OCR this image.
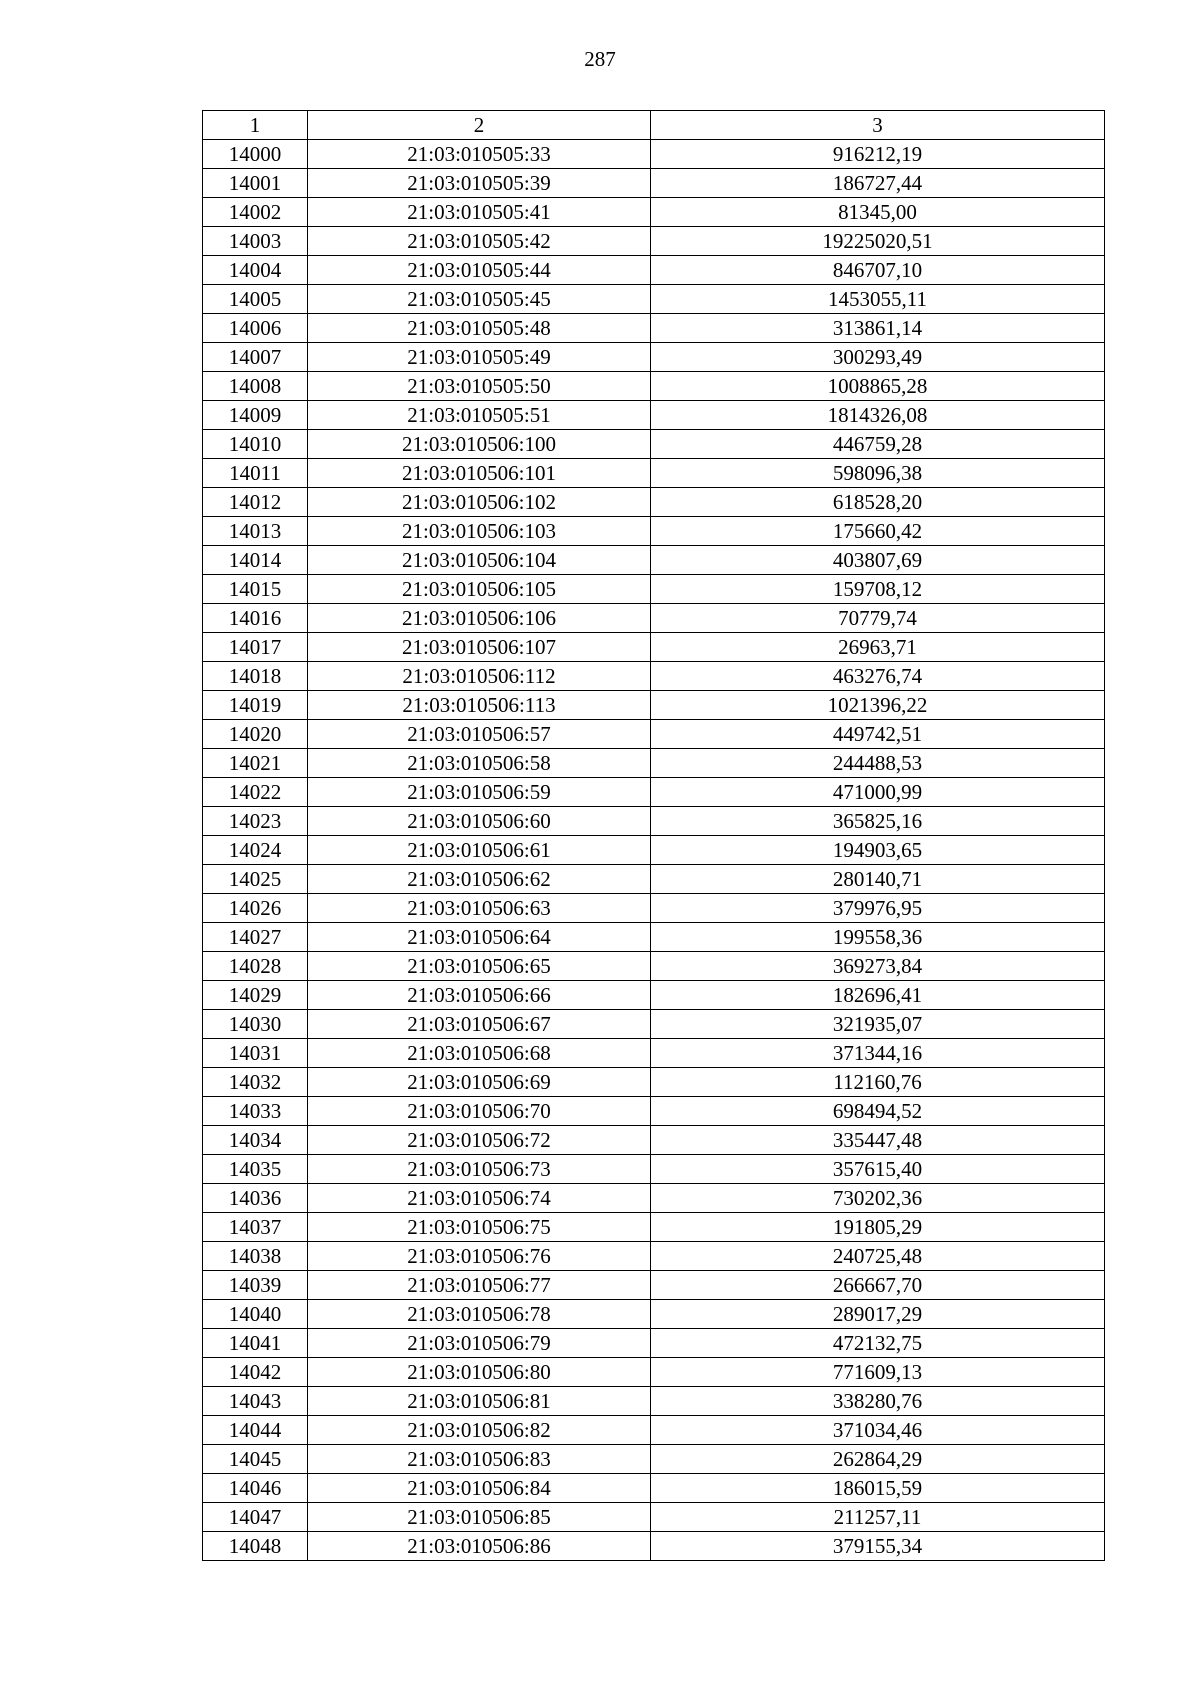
287
1	2	3
14000	21:03:010505:33	916212,19
14001	21:03:010505:39	186727,44
14002	21:03:010505:41	81345,00
14003	21:03:010505:42	19225020,51
14004	21:03:010505:44	846707,10
14005	21:03:010505:45	1453055,11
14006	21:03:010505:48	313861,14
14007	21:03:010505:49	300293,49
14008	21:03:010505:50	1008865,28
14009	21:03:010505:51	1814326,08
14010	21:03:010506:100	446759,28
14011	21:03:010506:101	598096,38
14012	21:03:010506:102	618528,20
14013	21:03:010506:103	175660,42
14014	21:03:010506:104	403807,69
14015	21:03:010506:105	159708,12
14016	21:03:010506:106	70779,74
14017	21:03:010506:107	26963,71
14018	21:03:010506:112	463276,74
14019	21:03:010506:113	1021396,22
14020	21:03:010506:57	449742,51
14021	21:03:010506:58	244488,53
14022	21:03:010506:59	471000,99
14023	21:03:010506:60	365825,16
14024	21:03:010506:61	194903,65
14025	21:03:010506:62	280140,71
14026	21:03:010506:63	379976,95
14027	21:03:010506:64	199558,36
14028	21:03:010506:65	369273,84
14029	21:03:010506:66	182696,41
14030	21:03:010506:67	321935,07
14031	21:03:010506:68	371344,16
14032	21:03:010506:69	112160,76
14033	21:03:010506:70	698494,52
14034	21:03:010506:72	335447,48
14035	21:03:010506:73	357615,40
14036	21:03:010506:74	730202,36
14037	21:03:010506:75	191805,29
14038	21:03:010506:76	240725,48
14039	21:03:010506:77	266667,70
14040	21:03:010506:78	289017,29
14041	21:03:010506:79	472132,75
14042	21:03:010506:80	771609,13
14043	21:03:010506:81	338280,76
14044	21:03:010506:82	371034,46
14045	21:03:010506:83	262864,29
14046	21:03:010506:84	186015,59
14047	21:03:010506:85	211257,11
14048	21:03:010506:86	379155,34
